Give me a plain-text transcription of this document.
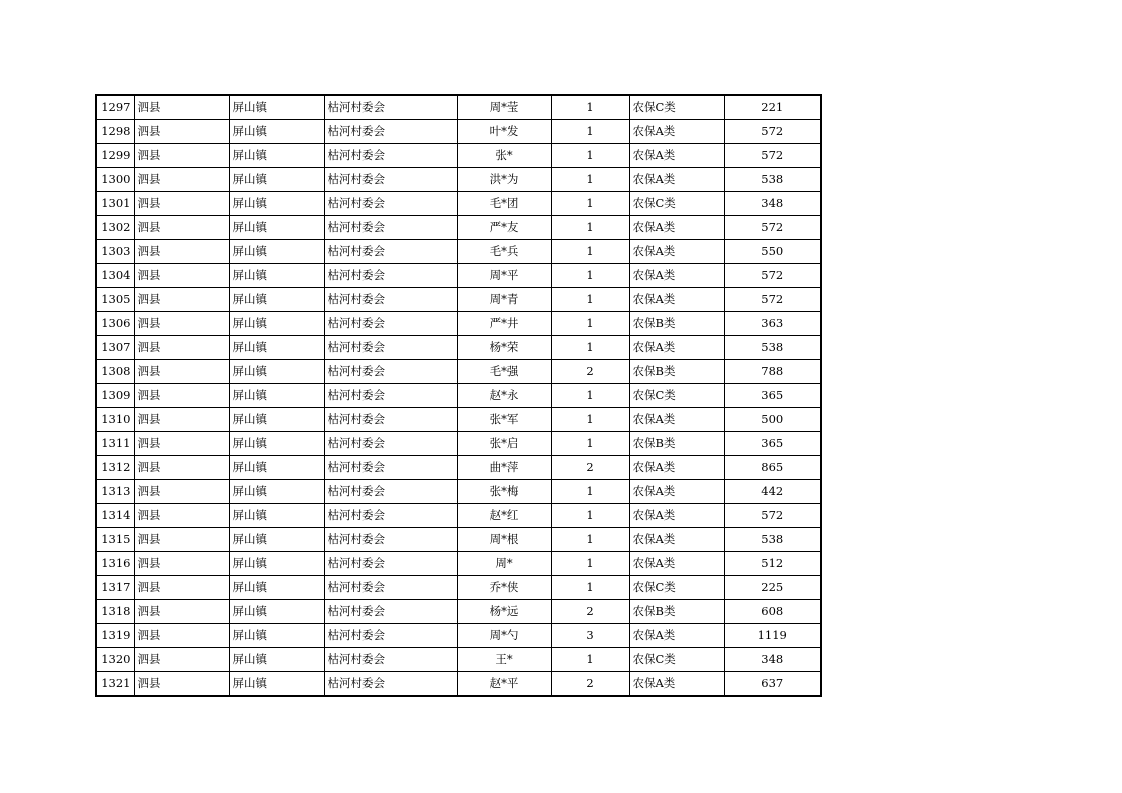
1297	泗县	屏山镇	枯河村委会	周*莹	1	农保C类	221
1298	泗县	屏山镇	枯河村委会	叶*发	1	农保A类	572
1299	泗县	屏山镇	枯河村委会	张*	1	农保A类	572
1300	泗县	屏山镇	枯河村委会	洪*为	1	农保A类	538
1301	泗县	屏山镇	枯河村委会	毛*团	1	农保C类	348
1302	泗县	屏山镇	枯河村委会	严*友	1	农保A类	572
1303	泗县	屏山镇	枯河村委会	毛*兵	1	农保A类	550
1304	泗县	屏山镇	枯河村委会	周*平	1	农保A类	572
1305	泗县	屏山镇	枯河村委会	周*青	1	农保A类	572
1306	泗县	屏山镇	枯河村委会	严*井	1	农保B类	363
1307	泗县	屏山镇	枯河村委会	杨*荣	1	农保A类	538
1308	泗县	屏山镇	枯河村委会	毛*强	2	农保B类	788
1309	泗县	屏山镇	枯河村委会	赵*永	1	农保C类	365
1310	泗县	屏山镇	枯河村委会	张*军	1	农保A类	500
1311	泗县	屏山镇	枯河村委会	张*启	1	农保B类	365
1312	泗县	屏山镇	枯河村委会	曲*萍	2	农保A类	865
1313	泗县	屏山镇	枯河村委会	张*梅	1	农保A类	442
1314	泗县	屏山镇	枯河村委会	赵*红	1	农保A类	572
1315	泗县	屏山镇	枯河村委会	周*根	1	农保A类	538
1316	泗县	屏山镇	枯河村委会	周*	1	农保A类	512
1317	泗县	屏山镇	枯河村委会	乔*侠	1	农保C类	225
1318	泗县	屏山镇	枯河村委会	杨*远	2	农保B类	608
1319	泗县	屏山镇	枯河村委会	周*勺	3	农保A类	1119
1320	泗县	屏山镇	枯河村委会	王*	1	农保C类	348
1321	泗县	屏山镇	枯河村委会	赵*平	2	农保A类	637
